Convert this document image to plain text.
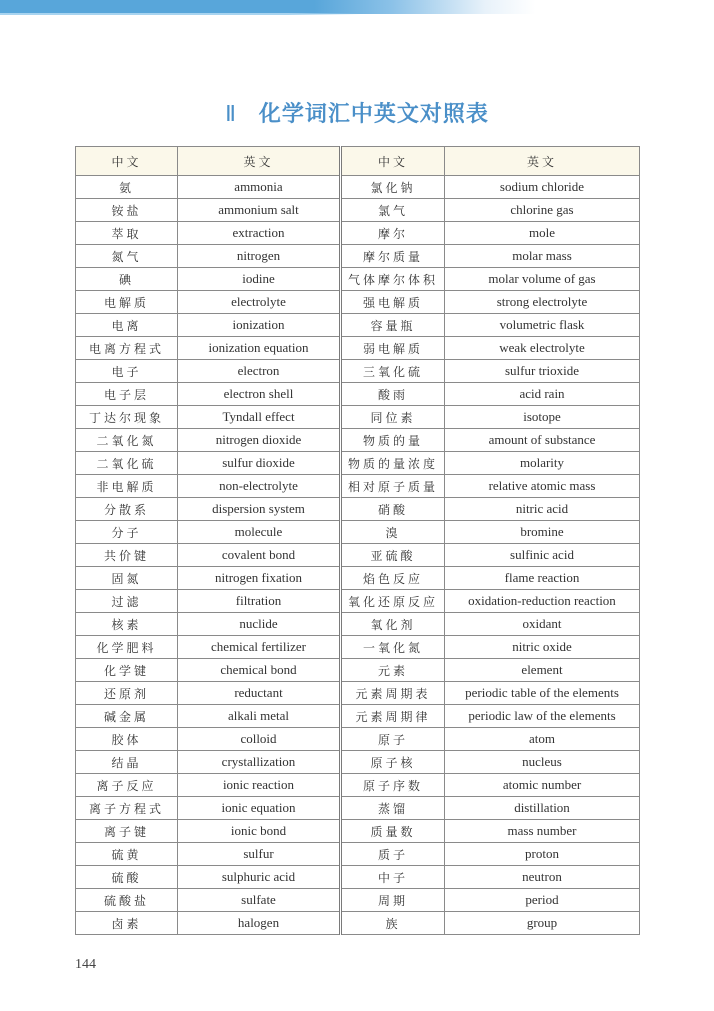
Ⅱ 化学词汇中英文对照表
中文	英文	中文	英文
氨	ammonia	氯化钠	sodium chloride
铵盐	ammonium salt	氯气	chlorine gas
萃取	extraction	摩尔	mole
氮气	nitrogen	摩尔质量	molar mass
碘	iodine	气体摩尔体积	molar volume of gas
电解质	electrolyte	强电解质	strong electrolyte
电离	ionization	容量瓶	volumetric flask
电离方程式	ionization equation	弱电解质	weak electrolyte
电子	electron	三氧化硫	sulfur trioxide
电子层	electron shell	酸雨	acid rain
丁达尔现象	Tyndall effect	同位素	isotope
二氧化氮	nitrogen dioxide	物质的量	amount of substance
二氧化硫	sulfur dioxide	物质的量浓度	molarity
非电解质	non-electrolyte	相对原子质量	relative atomic mass
分散系	dispersion system	硝酸	nitric acid
分子	molecule	溴	bromine
共价键	covalent bond	亚硫酸	sulfinic acid
固氮	nitrogen fixation	焰色反应	flame reaction
过滤	filtration	氧化还原反应	oxidation-reduction reaction
核素	nuclide	氧化剂	oxidant
化学肥料	chemical fertilizer	一氧化氮	nitric oxide
化学键	chemical bond	元素	element
还原剂	reductant	元素周期表	periodic table of the elements
碱金属	alkali metal	元素周期律	periodic law of the elements
胶体	colloid	原子	atom
结晶	crystallization	原子核	nucleus
离子反应	ionic reaction	原子序数	atomic number
离子方程式	ionic equation	蒸馏	distillation
离子键	ionic bond	质量数	mass number
硫黄	sulfur	质子	proton
硫酸	sulphuric acid	中子	neutron
硫酸盐	sulfate	周期	period
卤素	halogen	族	group
144
